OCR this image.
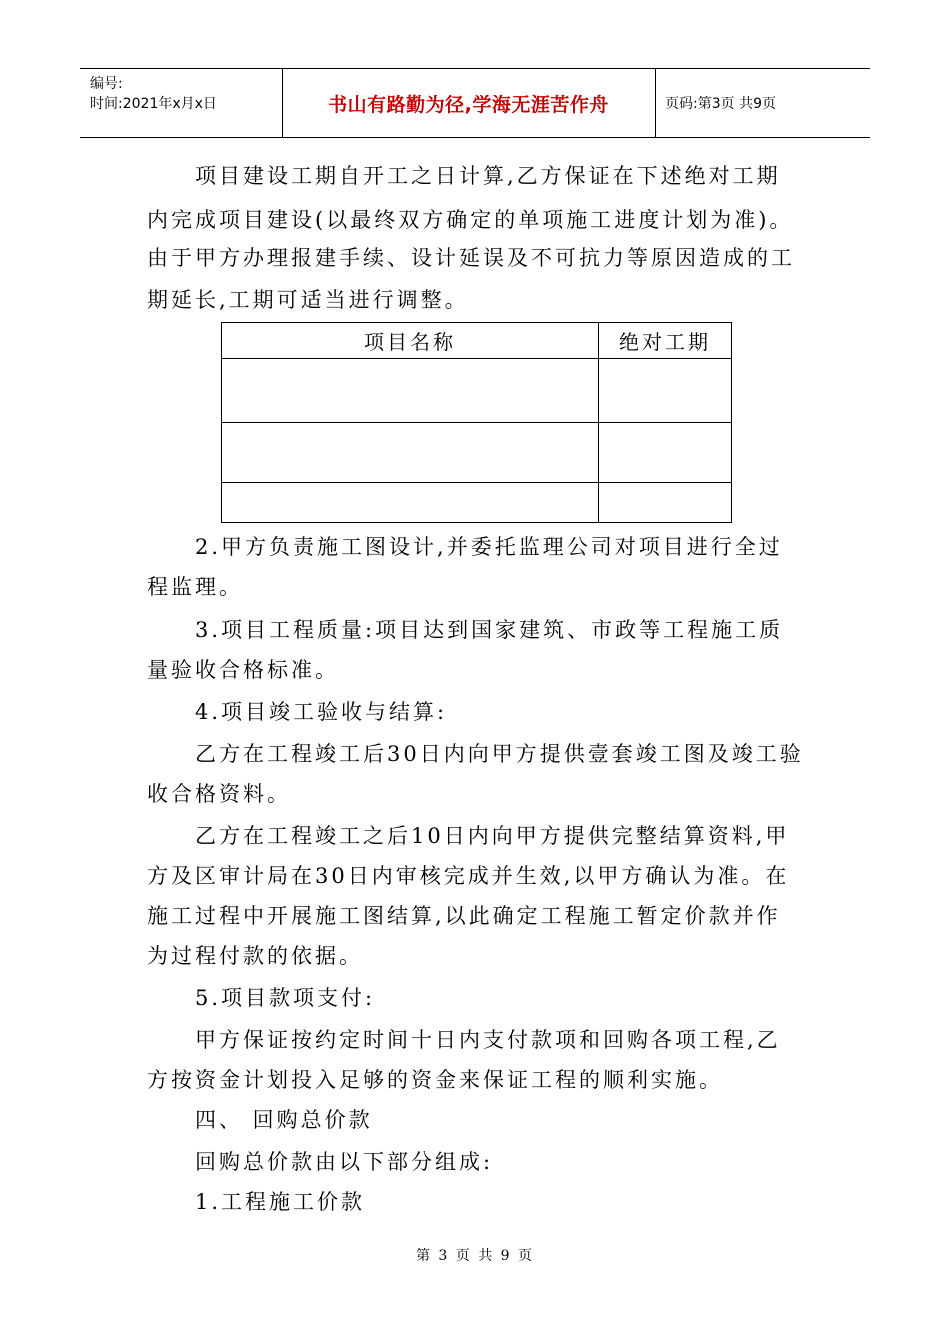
编号:
时间:2021年x月x日	书山有路勤为径,学海无涯苦作舟	页码:第3页 共9页
项目建设工期自开工之日计算,乙方保证在下述绝对工期
内完成项目建设(以最终双方确定的单项施工进度计划为准)。
由于甲方办理报建手续、设计延误及不可抗力等原因造成的工
期延长,工期可适当进行调整。
项目名称	绝对工期

2.甲方负责施工图设计,并委托监理公司对项目进行全过
程监理。
3.项目工程质量:项目达到国家建筑、市政等工程施工质
量验收合格标准。
4.项目竣工验收与结算:
乙方在工程竣工后30日内向甲方提供壹套竣工图及竣工验
收合格资料。
乙方在工程竣工之后10日内向甲方提供完整结算资料,甲
方及区审计局在30日内审核完成并生效,以甲方确认为准。在
施工过程中开展施工图结算,以此确定工程施工暂定价款并作
为过程付款的依据。
5.项目款项支付:
甲方保证按约定时间十日内支付款项和回购各项工程,乙
方按资金计划投入足够的资金来保证工程的顺利实施。
四、 回购总价款
回购总价款由以下部分组成:
1.工程施工价款
第 3 页 共 9 页
